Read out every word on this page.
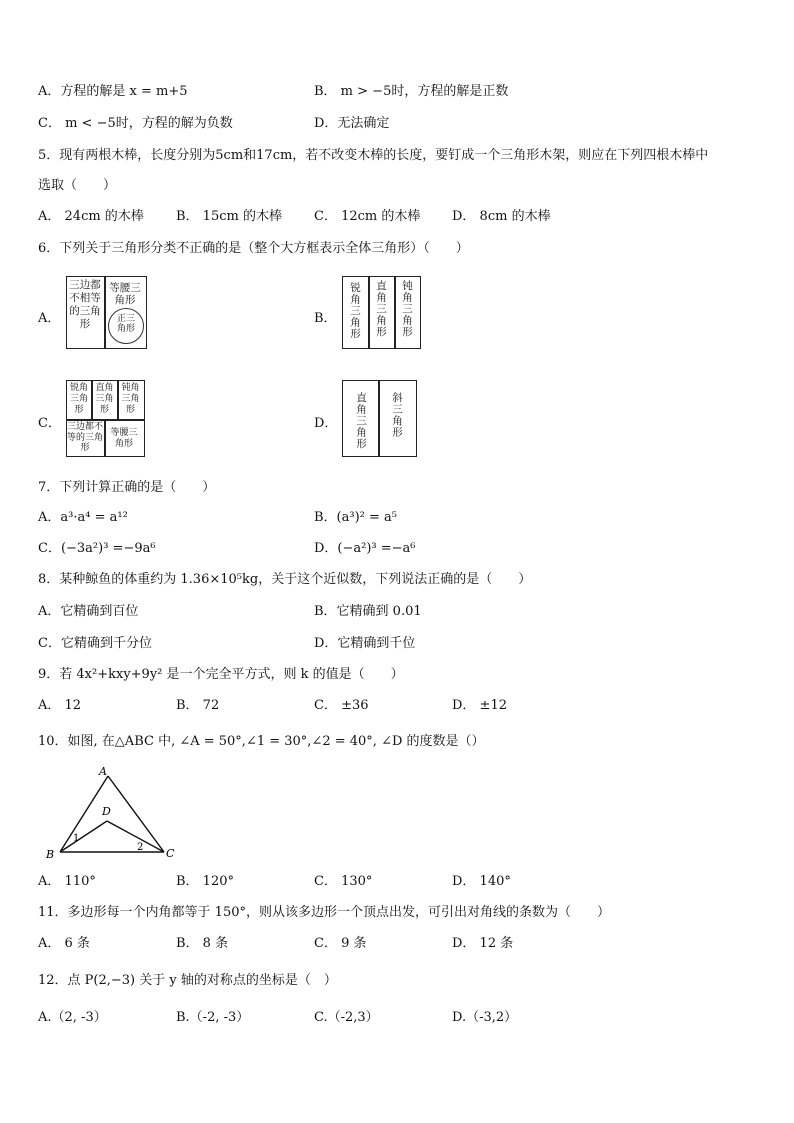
A．方程的解是 x = m+5	B． m > −5时，方程的解是正数
C． m < −5时，方程的解为负数	D．无法确定
5．现有两根木棒，长度分别为5cm和17cm，若不改变木棒的长度，要钉成一个三角形木架，则应在下列四根木棒中
选取（　　）
A． 24cm 的木棒 B． 15cm 的木棒 C． 12cm 的木棒 D． 8cm 的木棒
6．下列关于三角形分类不正确的是（整个大方框表示全体三角形）（　　）
A．
三边都不相等的三角形
等腰三角形
正三角形
B． 锐角三角形 直角三角形 钝角三角形
C．
锐角三角形
直角三角形
钝角三角形
三边都不等的三角形
等腰三角形
D． 直角三角形 斜三角形
7．下列计算正确的是（　　）
A．a³·a⁴ = a¹²	B．(a³)² = a⁵
C．(−3a²)³ =−9a⁶	D．(−a²)³ =−a⁶
8．某种鲸鱼的体重约为 1.36×10⁵kg，关于这个近似数，下列说法正确的是（　　）
A．它精确到百位	B．它精确到 0.01
C．它精确到千分位	D．它精确到千位
9．若 4x²+kxy+9y² 是一个完全平方式，则 k 的值是（　　）
A． 12	B． 72	C． ±36	D． ±12
10．如图, 在△ABC 中, ∠A = 50°,∠1 = 30°,∠2 = 40°, ∠D 的度数是（）
A
D
B	C
1
2
A． 110°	B． 120°	C． 130°	D． 140°
11．多边形每一个内角都等于 150°，则从该多边形一个顶点出发，可引出对角线的条数为（　　）
A． 6 条	B． 8 条	C． 9 条	D． 12 条
12．点 P(2,−3) 关于 y 轴的对称点的坐标是（　）
A.（2, -3）	B.（-2, -3）	C.（-2,3）	D.（-3,2）
